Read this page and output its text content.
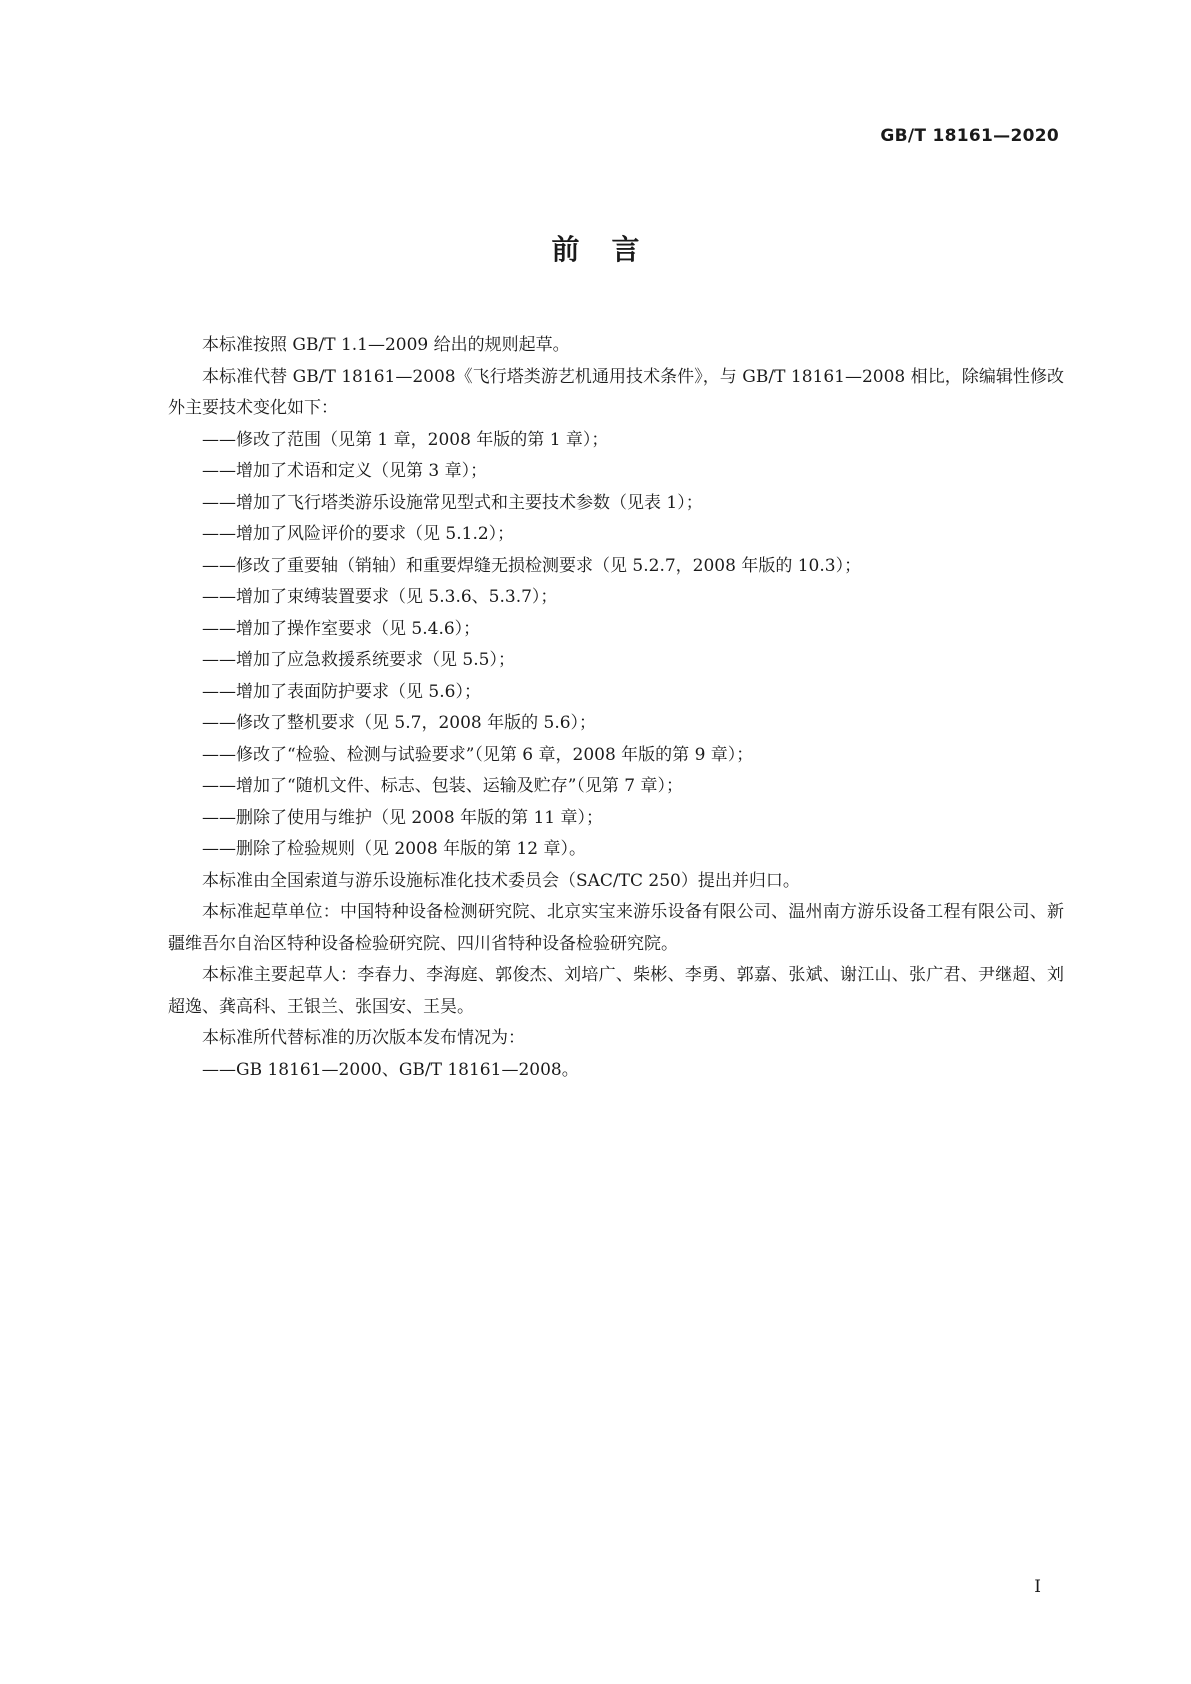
GB/T 18161—2020
前言

本标准按照 GB/T 1.1—2009 给出的规则起草。

本标准代替 GB/T 18161—2008《飞行塔类游艺机通用技术条件》，与 GB/T 18161—2008 相比，除编辑性修改外主要技术变化如下：

——修改了范围（见第 1 章，2008 年版的第 1 章）；

——增加了术语和定义（见第 3 章）；

——增加了飞行塔类游乐设施常见型式和主要技术参数（见表 1）；

——增加了风险评价的要求（见 5.1.2）；

——修改了重要轴（销轴）和重要焊缝无损检测要求（见 5.2.7，2008 年版的 10.3）；

——增加了束缚装置要求（见 5.3.6、5.3.7）；

——增加了操作室要求（见 5.4.6）；

——增加了应急救援系统要求（见 5.5）；

——增加了表面防护要求（见 5.6）；

——修改了整机要求（见 5.7，2008 年版的 5.6）；

——修改了“检验、检测与试验要求”（见第 6 章，2008 年版的第 9 章）；

——增加了“随机文件、标志、包装、运输及贮存”（见第 7 章）；

——删除了使用与维护（见 2008 年版的第 11 章）；

——删除了检验规则（见 2008 年版的第 12 章）。

本标准由全国索道与游乐设施标准化技术委员会（SAC/TC 250）提出并归口。

本标准起草单位：中国特种设备检测研究院、北京实宝来游乐设备有限公司、温州南方游乐设备工程有限公司、新疆维吾尔自治区特种设备检验研究院、四川省特种设备检验研究院。

本标准主要起草人：李春力、李海庭、郭俊杰、刘培广、柴彬、李勇、郭嘉、张斌、谢江山、张广君、尹继超、刘超逸、龚高科、王银兰、张国安、王昊。

本标准所代替标准的历次版本发布情况为：

——GB 18161—2000、GB/T 18161—2008。

I
